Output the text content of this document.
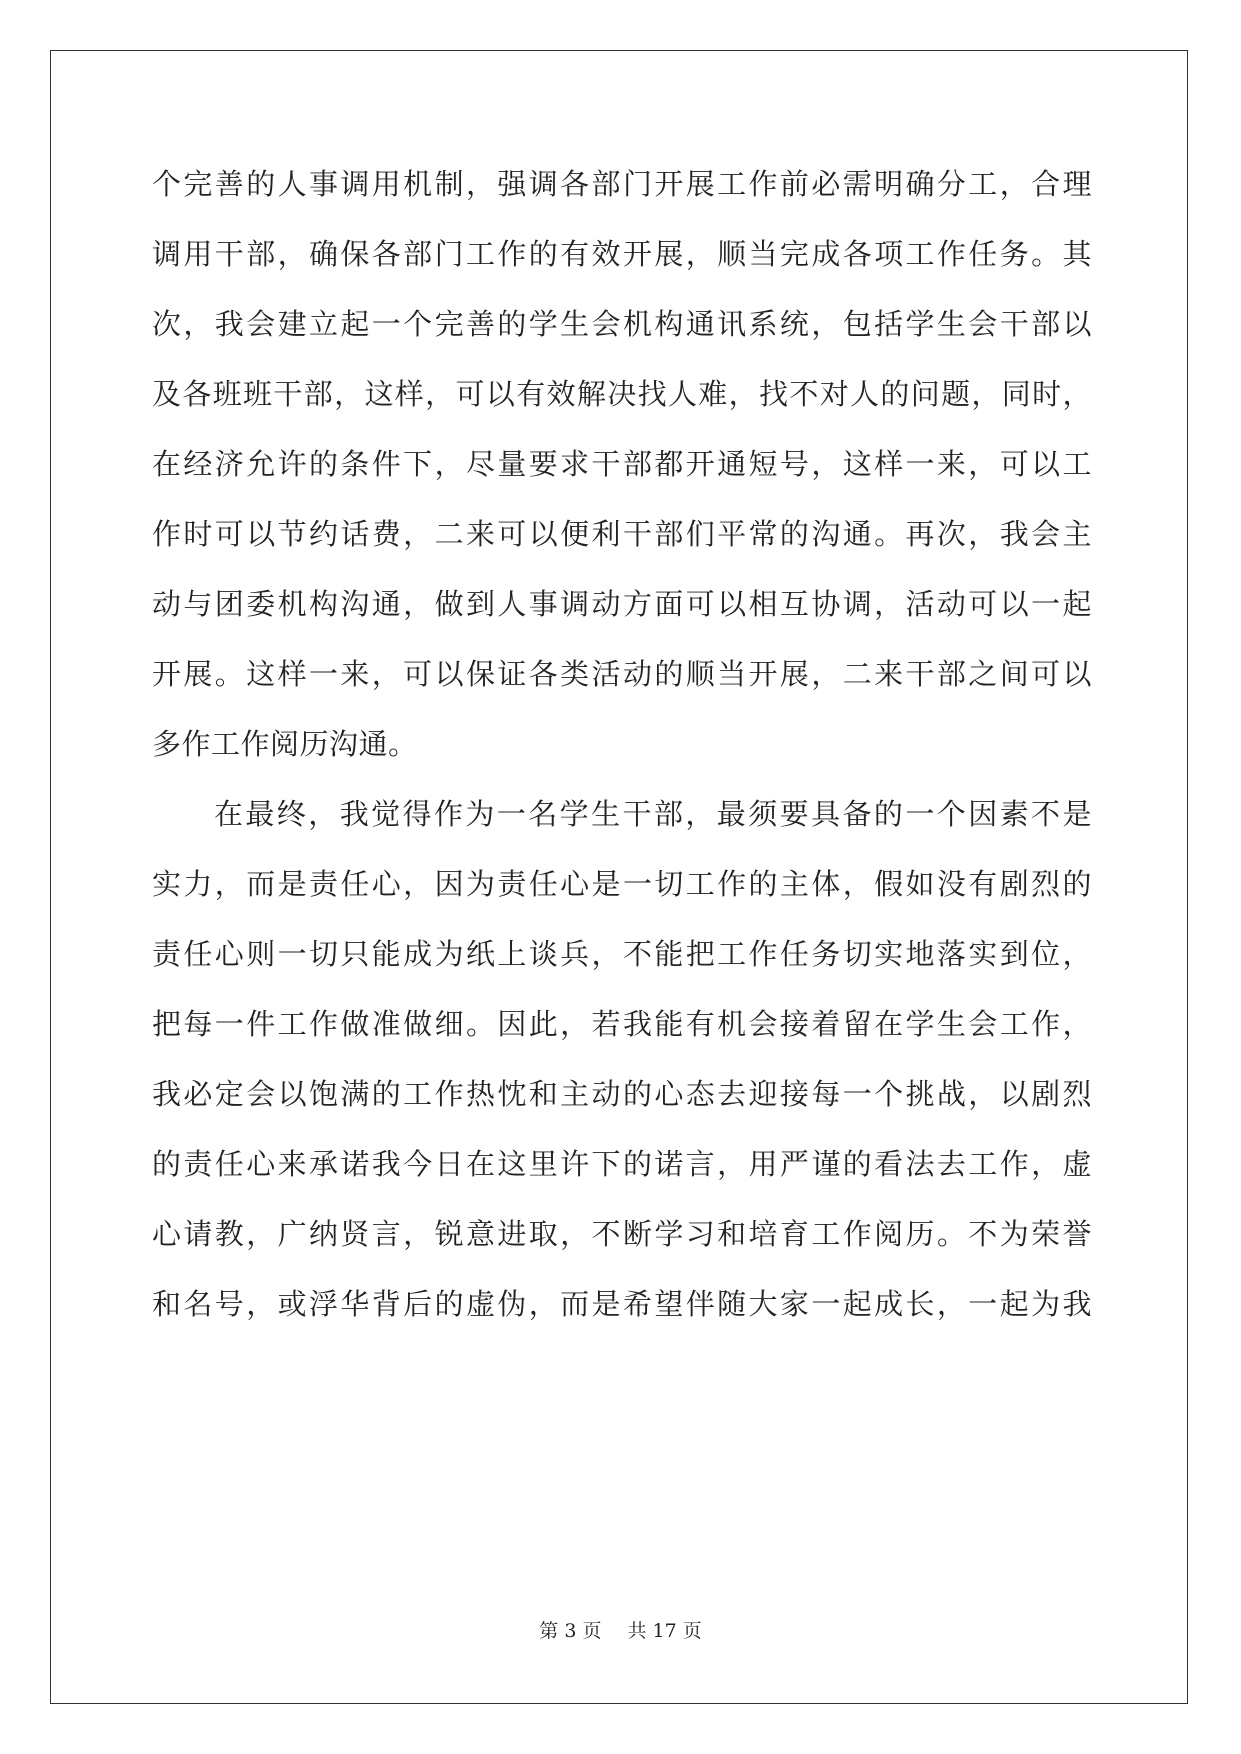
个完善的人事调用机制，强调各部门开展工作前必需明确分工，合理
调用干部，确保各部门工作的有效开展，顺当完成各项工作任务。其
次，我会建立起一个完善的学生会机构通讯系统，包括学生会干部以
及各班班干部，这样，可以有效解决找人难，找不对人的问题，同时，
在经济允许的条件下，尽量要求干部都开通短号，这样一来，可以工
作时可以节约话费，二来可以便利干部们平常的沟通。再次，我会主
动与团委机构沟通，做到人事调动方面可以相互协调，活动可以一起
开展。这样一来，可以保证各类活动的顺当开展，二来干部之间可以
多作工作阅历沟通。
在最终，我觉得作为一名学生干部，最须要具备的一个因素不是
实力，而是责任心，因为责任心是一切工作的主体，假如没有剧烈的
责任心则一切只能成为纸上谈兵，不能把工作任务切实地落实到位，
把每一件工作做准做细。因此，若我能有机会接着留在学生会工作，
我必定会以饱满的工作热忱和主动的心态去迎接每一个挑战，以剧烈
的责任心来承诺我今日在这里许下的诺言，用严谨的看法去工作，虚
心请教，广纳贤言，锐意进取，不断学习和培育工作阅历。不为荣誉
和名号，或浮华背后的虚伪，而是希望伴随大家一起成长，一起为我
第 3 页 共 17 页
